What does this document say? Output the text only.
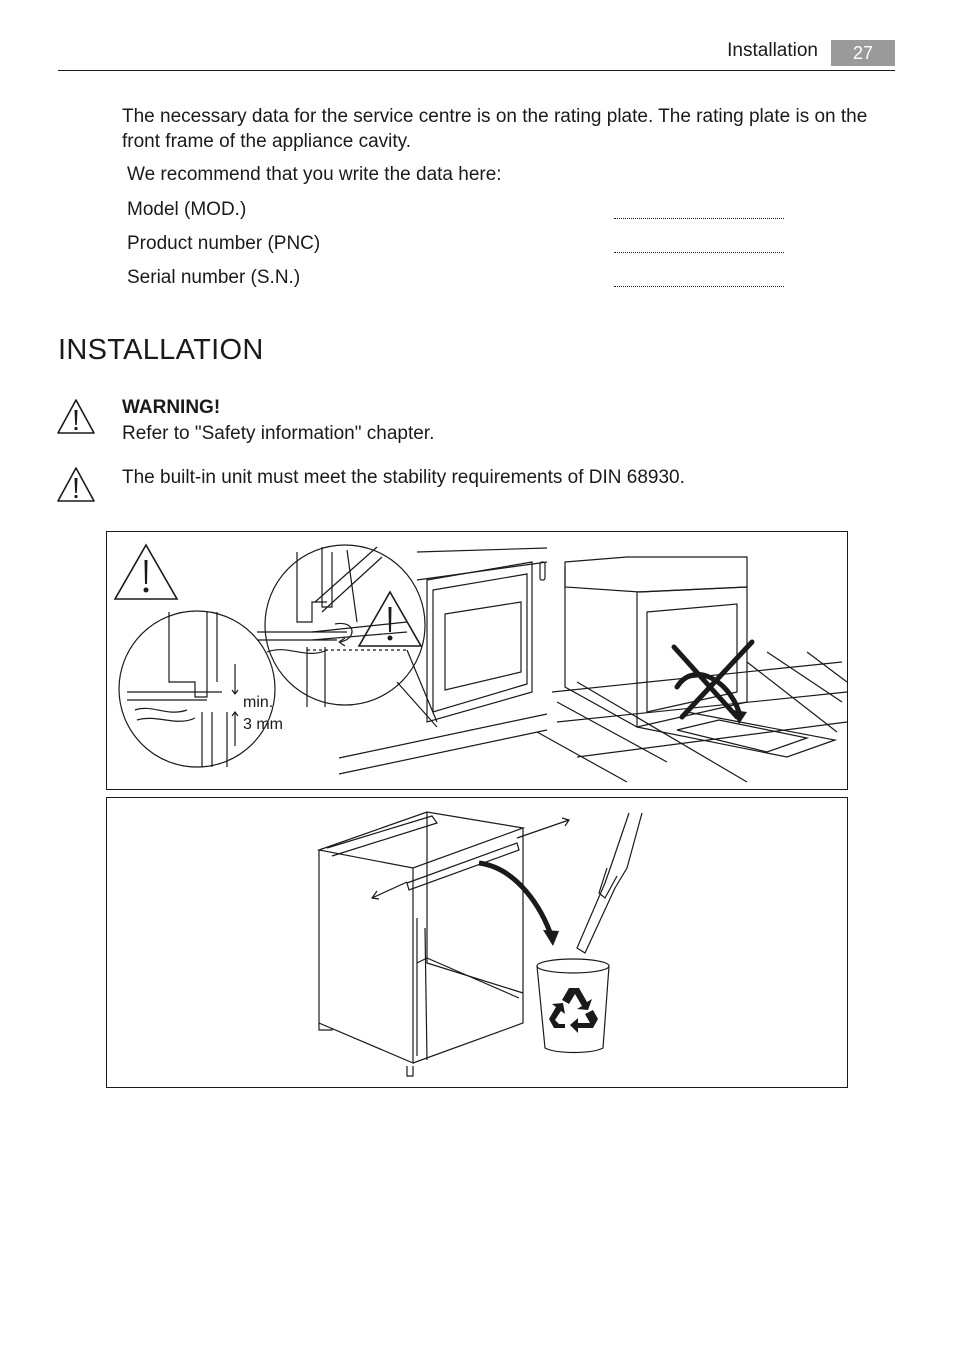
Installation	27
The necessary data for the service centre is on the rating plate. The rating plate is on the front frame of the appliance cavity.
We recommend that you write the data here:
Model (MOD.)
Product number (PNC)
Serial number (S.N.)
INSTALLATION
WARNING!
Refer to "Safety information" chapter.
The built-in unit must meet the stability requirements of DIN 68930.
min.
3 mm
